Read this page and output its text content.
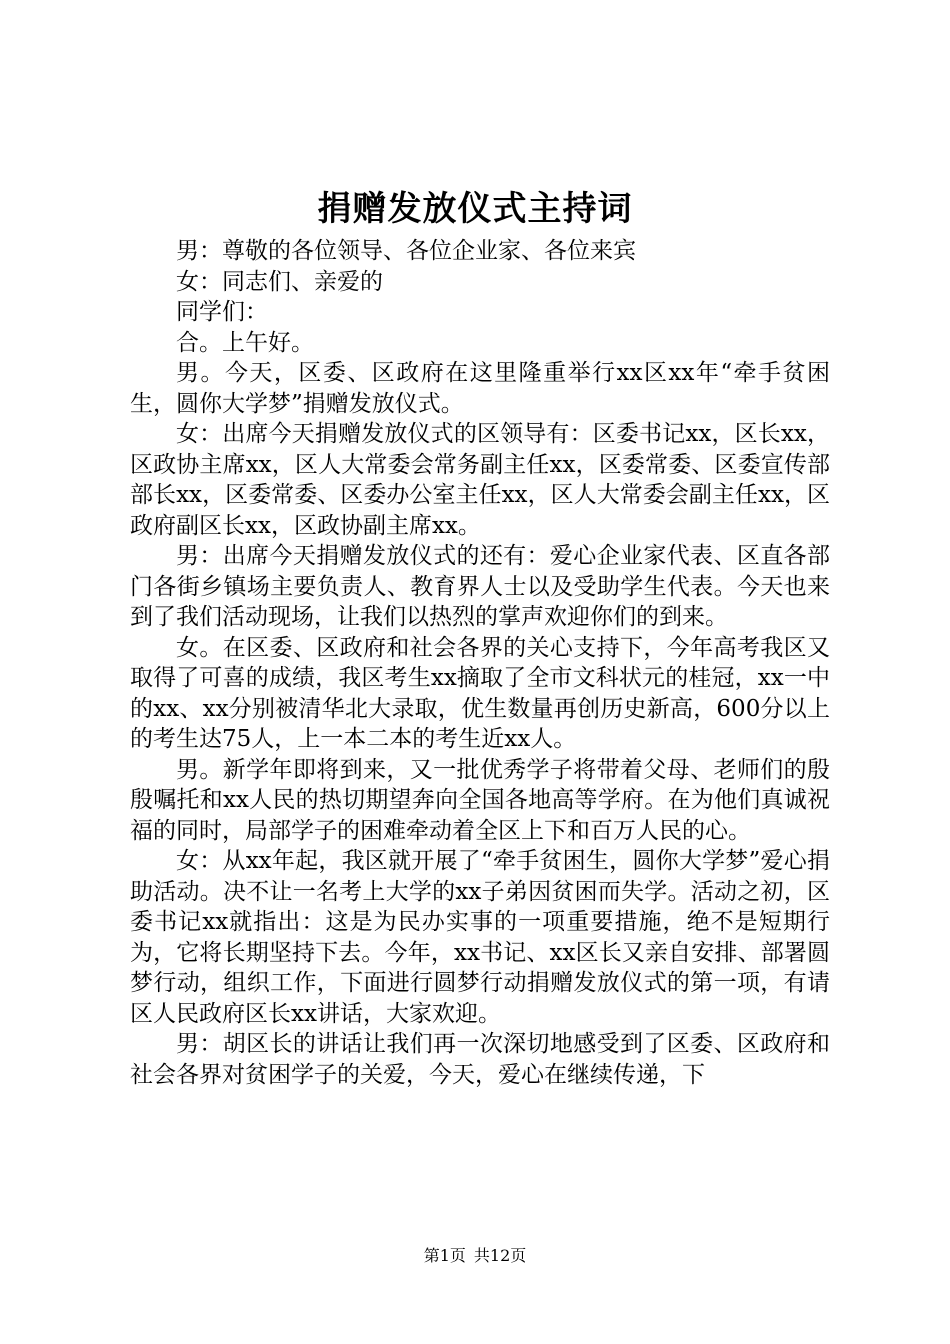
捐赠发放仪式主持词

男：尊敬的各位领导、各位企业家、各位来宾

女：同志们、亲爱的

同学们：

合。上午好。

男。今天，区委、区政府在这里隆重举行xx区xx年“牵手贫困生，圆你大学梦”捐赠发放仪式。

女：出席今天捐赠发放仪式的区领导有：区委书记xx，区长xx，区政协主席xx，区人大常委会常务副主任xx，区委常委、区委宣传部部长xx，区委常委、区委办公室主任xx，区人大常委会副主任xx，区政府副区长xx，区政协副主席xx。

男：出席今天捐赠发放仪式的还有：爱心企业家代表、区直各部门各街乡镇场主要负责人、教育界人士以及受助学生代表。今天也来到了我们活动现场，让我们以热烈的掌声欢迎你们的到来。

女。在区委、区政府和社会各界的关心支持下，今年高考我区又取得了可喜的成绩，我区考生xx摘取了全市文科状元的桂冠，xx一中的xx、xx分别被清华北大录取，优生数量再创历史新高，600分以上的考生达75人，上一本二本的考生近xx人。

男。新学年即将到来，又一批优秀学子将带着父母、老师们的殷殷嘱托和xx人民的热切期望奔向全国各地高等学府。在为他们真诚祝福的同时，局部学子的困难牵动着全区上下和百万人民的心。

女：从xx年起，我区就开展了“牵手贫困生，圆你大学梦”爱心捐助活动。决不让一名考上大学的xx子弟因贫困而失学。活动之初，区委书记xx就指出：这是为民办实事的一项重要措施，绝不是短期行为，它将长期坚持下去。今年，xx书记、xx区长又亲自安排、部署圆梦行动，组织工作，下面进行圆梦行动捐赠发放仪式的第一项，有请区人民政府区长xx讲话，大家欢迎。

男：胡区长的讲话让我们再一次深切地感受到了区委、区政府和社会各界对贫困学子的关爱，今天，爱心在继续传递，下

第1页 共12页
